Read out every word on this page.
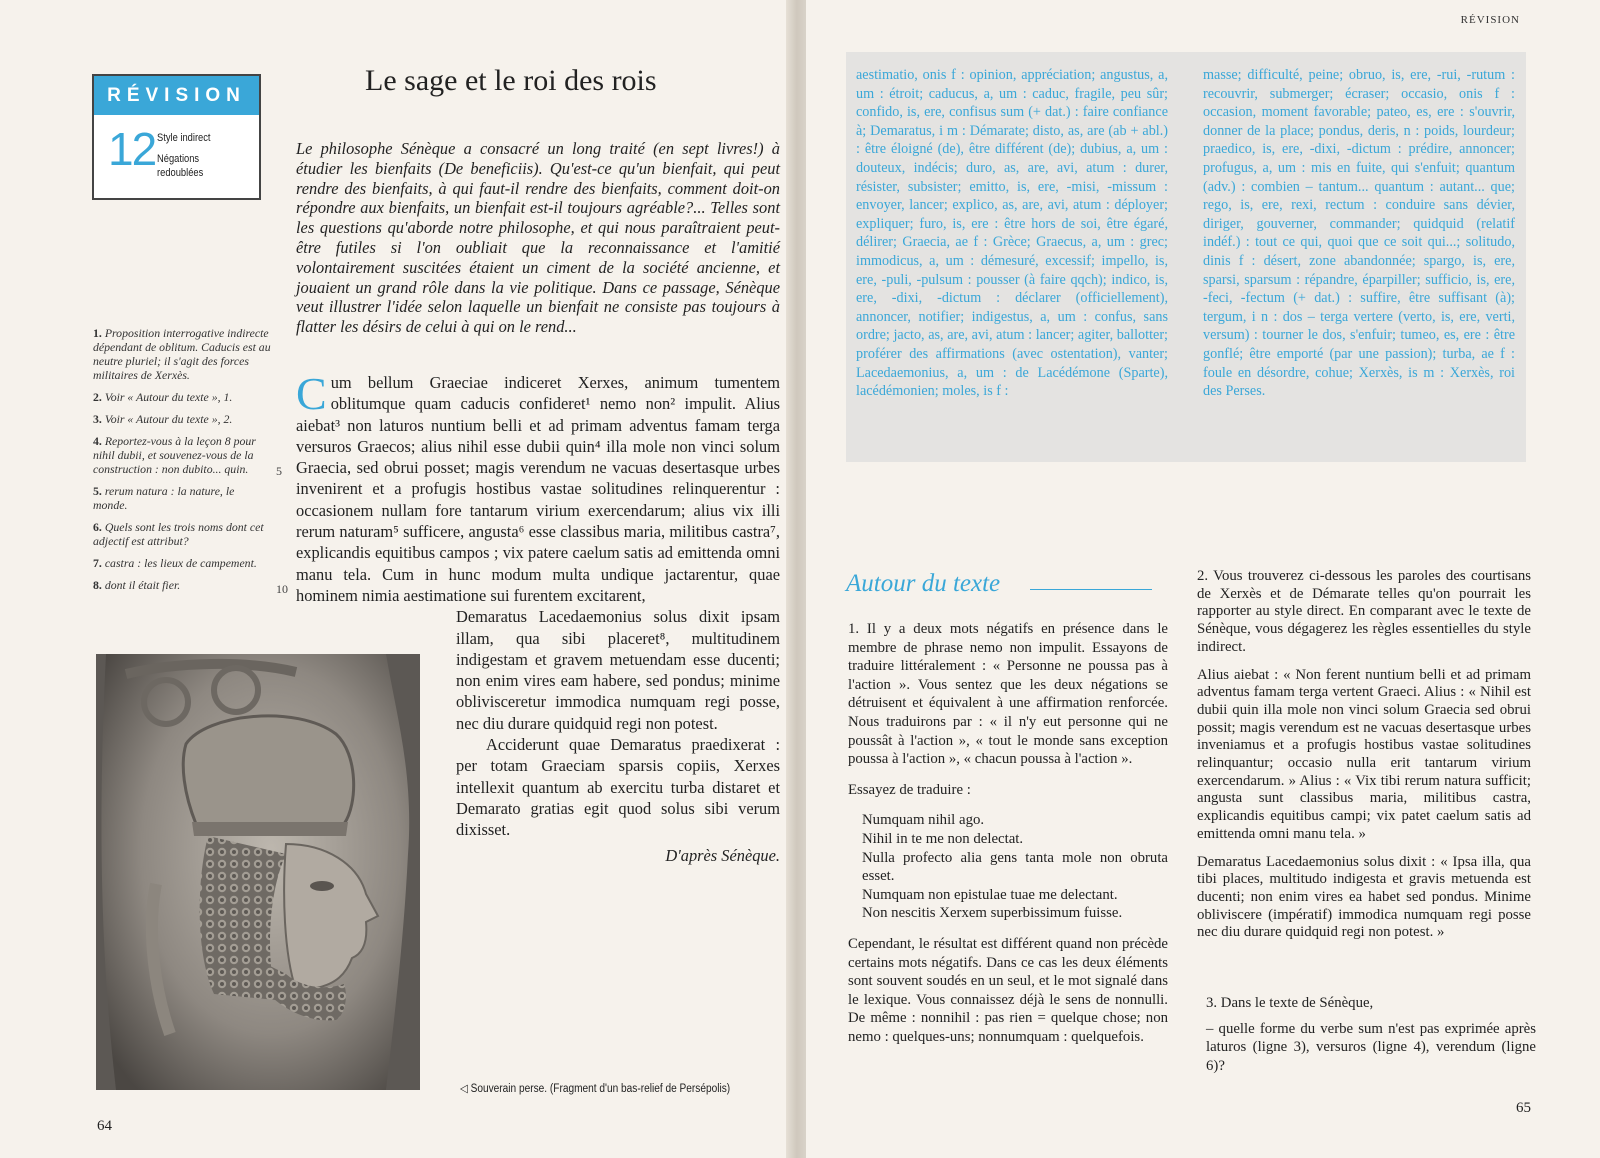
RÉVISION
12 Style indirect
Négations redoublées
Le sage et le roi des rois
Le philosophe Sénèque a consacré un long traité (en sept livres!) à étudier les bienfaits (De beneficiis). Qu'est-ce qu'un bienfait, qui peut rendre des bienfaits, à qui faut-il rendre des bienfaits, comment doit-on répondre aux bienfaits, un bienfait est-il toujours agréable?... Telles sont les questions qu'aborde notre philosophe, et qui nous paraîtraient peut-être futiles si l'on oubliait que la reconnaissance et l'amitié volontairement suscitées étaient un ciment de la société ancienne, et jouaient un grand rôle dans la vie politique. Dans ce passage, Sénèque veut illustrer l'idée selon laquelle un bienfait ne consiste pas toujours à flatter les désirs de celui à qui on le rend...

1. Proposition interrogative indirecte dépendant de oblitum. Caducis est au neutre pluriel; il s'agit des forces militaires de Xerxès.

2. Voir « Autour du texte », 1.

3. Voir « Autour du texte », 2.

4. Reportez-vous à la leçon 8 pour nihil dubii, et souvenez-vous de la construction : non dubito... quin.

5. rerum natura : la nature, le monde.

6. Quels sont les trois noms dont cet adjectif est attribut?

7. castra : les lieux de campement.

8. dont il était fier.

Cum bellum Graeciae indiceret Xerxes, animum tumentem oblitumque quam caducis confideret¹ nemo non² impulit. Alius aiebat³ non laturos nuntium belli et ad primam adventus famam terga versuros Graecos; alius nihil esse dubii quin⁴ illa mole non vinci solum Graecia, sed obrui posset; magis verendum ne vacuas desertasque urbes invenirent et a profugis hostibus vastae solitudines relinquerentur : occasionem nullam fore tantarum virium exercendarum; alius vix illi rerum naturam⁵ sufficere, angusta⁶ esse classibus maria, militibus castra⁷, explicandis equitibus campos ; vix patere caelum satis ad emittenda omni manu tela. Cum in hunc modum multa undique jactarentur, quae hominem nimia aestimatione sui furentem excitarent,

Demaratus Lacedaemonius solus dixit ipsam illam, qua sibi placeret⁸, multitudinem indigestam et gravem metuendam esse ducenti; non enim vires eam habere, sed pondus; minime oblivisceretur immodica numquam regi posse, nec diu durare quidquid regi non potest.

Acciderunt quae Demaratus praedixerat : per totam Graeciam sparsis copiis, Xerxes intellexit quantum ab exercitu turba distaret et Demarato gratias egit quod solus sibi verum dixisset.

D'après Sénèque.

5
10
◁ Souverain perse. (Fragment d'un bas-relief de Persépolis)
64
RÉVISION
aestimatio, onis f : opinion, appréciation; angustus, a, um : étroit; caducus, a, um : caduc, fragile, peu sûr; confido, is, ere, confisus sum (+ dat.) : faire confiance à; Demaratus, i m : Démarate; disto, as, are (ab + abl.) : être éloigné (de), être différent (de); dubius, a, um : douteux, indécis; duro, as, are, avi, atum : durer, résister, subsister; emitto, is, ere, -misi, -missum : envoyer, lancer; explico, as, are, avi, atum : déployer; expliquer; furo, is, ere : être hors de soi, être égaré, délirer; Graecia, ae f : Grèce; Graecus, a, um : grec; immodicus, a, um : démesuré, excessif; impello, is, ere, -puli, -pulsum : pousser (à faire qqch); indico, is, ere, -dixi, -dictum : déclarer (officiellement), annoncer, notifier; indigestus, a, um : confus, sans ordre; jacto, as, are, avi, atum : lancer; agiter, ballotter; proférer des affirmations (avec ostentation), vanter; Lacedaemonius, a, um : de Lacédémone (Sparte), lacédémonien; moles, is f :
masse; difficulté, peine; obruo, is, ere, -rui, -rutum : recouvrir, submerger; écraser; occasio, onis f : occasion, moment favorable; pateo, es, ere : s'ouvrir, donner de la place; pondus, deris, n : poids, lourdeur; praedico, is, ere, -dixi, -dictum : prédire, annoncer; profugus, a, um : mis en fuite, qui s'enfuit; quantum (adv.) : combien – tantum... quantum : autant... que; rego, is, ere, rexi, rectum : conduire sans dévier, diriger, gouverner, commander; quidquid (relatif indéf.) : tout ce qui, quoi que ce soit qui...; solitudo, dinis f : désert, zone abandonnée; spargo, is, ere, sparsi, sparsum : répandre, éparpiller; sufficio, is, ere, -feci, -fectum (+ dat.) : suffire, être suffisant (à); tergum, i n : dos – terga vertere (verto, is, ere, verti, versum) : tourner le dos, s'enfuir; tumeo, es, ere : être gonflé; être emporté (par une passion); turba, ae f : foule en désordre, cohue; Xerxès, is m : Xerxès, roi des Perses.
Autour du texte

1. Il y a deux mots négatifs en présence dans le membre de phrase nemo non impulit. Essayons de traduire littéralement : « Personne ne poussa pas à l'action ». Vous sentez que les deux négations se détruisent et équivalent à une affirmation renforcée. Nous traduirons par : « il n'y eut personne qui ne poussât à l'action », « tout le monde sans exception poussa à l'action », « chacun poussa à l'action ».

Essayez de traduire :

Numquam nihil ago.
Nihil in te me non delectat.
Nulla profecto alia gens tanta mole non obruta esset.
Numquam non epistulae tuae me delectant.
Non nescitis Xerxem superbissimum fuisse.

Cependant, le résultat est différent quand non précède certains mots négatifs. Dans ce cas les deux éléments sont souvent soudés en un seul, et le mot signalé dans le lexique. Vous connaissez déjà le sens de nonnulli. De même : nonnihil : pas rien = quelque chose; non nemo : quelques-uns; nonnumquam : quelquefois.

2. Vous trouverez ci-dessous les paroles des courtisans de Xerxès et de Démarate telles qu'on pourrait les rapporter au style direct. En comparant avec le texte de Sénèque, vous dégagerez les règles essentielles du style indirect.

Alius aiebat : « Non ferent nuntium belli et ad primam adventus famam terga vertent Graeci. Alius : « Nihil est dubii quin illa mole non vinci solum Graecia sed obrui possit; magis verendum est ne vacuas desertasque urbes inveniamus et a profugis hostibus vastae solitudines relinquantur; occasio nulla erit tantarum virium exercendarum. » Alius : « Vix tibi rerum natura sufficit; angusta sunt classibus maria, militibus castra, explicandis equitibus campi; vix patet caelum satis ad emittenda omni manu tela. »

Demaratus Lacedaemonius solus dixit : « Ipsa illa, qua tibi places, multitudo indigesta et gravis metuenda est ducenti; non enim vires ea habet sed pondus. Minime obliviscere (impératif) immodica numquam regi posse nec diu durare quidquid regi non potest. »

3. Dans le texte de Sénèque,

– quelle forme du verbe sum n'est pas exprimée après laturos (ligne 3), versuros (ligne 4), verendum (ligne 6)?

65
